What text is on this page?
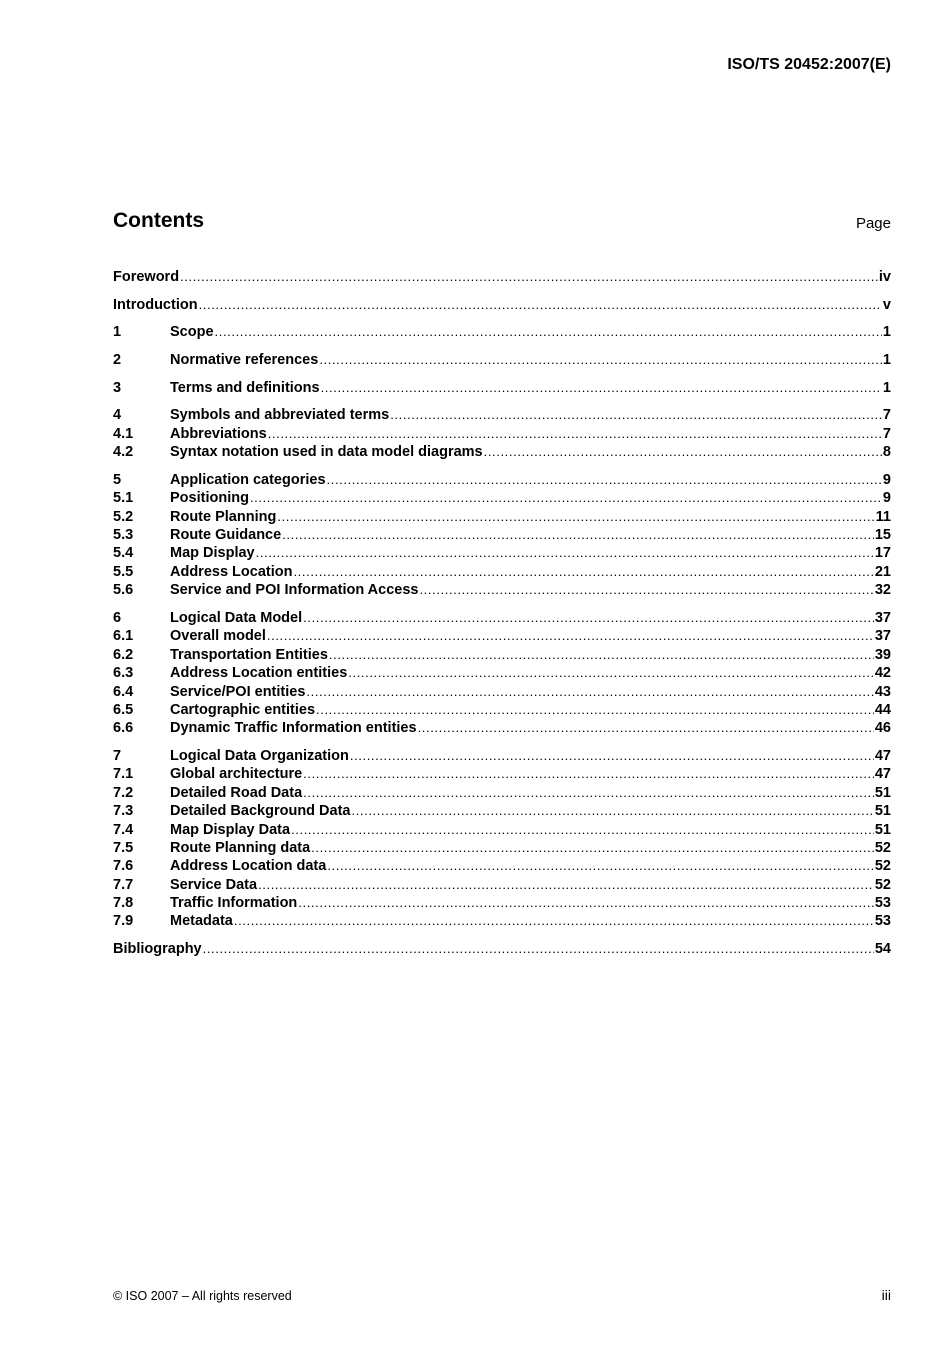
ISO/TS 20452:2007(E)
Contents	Page
Foreword .....	iv
Introduction .....	v
1	Scope .....	1
2	Normative references .....	1
3	Terms and definitions .....	1
4	Symbols and abbreviated terms .....	7
4.1	Abbreviations .....	7
4.2	Syntax notation used in data model diagrams .....	8
5	Application categories .....	9
5.1	Positioning .....	9
5.2	Route Planning .....	11
5.3	Route Guidance .....	15
5.4	Map Display .....	17
5.5	Address Location .....	21
5.6	Service and POI Information Access .....	32
6	Logical Data Model .....	37
6.1	Overall model .....	37
6.2	Transportation Entities .....	39
6.3	Address Location entities .....	42
6.4	Service/POI entities .....	43
6.5	Cartographic entities .....	44
6.6	Dynamic Traffic Information entities .....	46
7	Logical Data Organization .....	47
7.1	Global architecture .....	47
7.2	Detailed Road Data .....	51
7.3	Detailed Background Data .....	51
7.4	Map Display Data .....	51
7.5	Route Planning data .....	52
7.6	Address Location data .....	52
7.7	Service Data .....	52
7.8	Traffic Information .....	53
7.9	Metadata .....	53
Bibliography .....	54
© ISO 2007 – All rights reserved	iii
